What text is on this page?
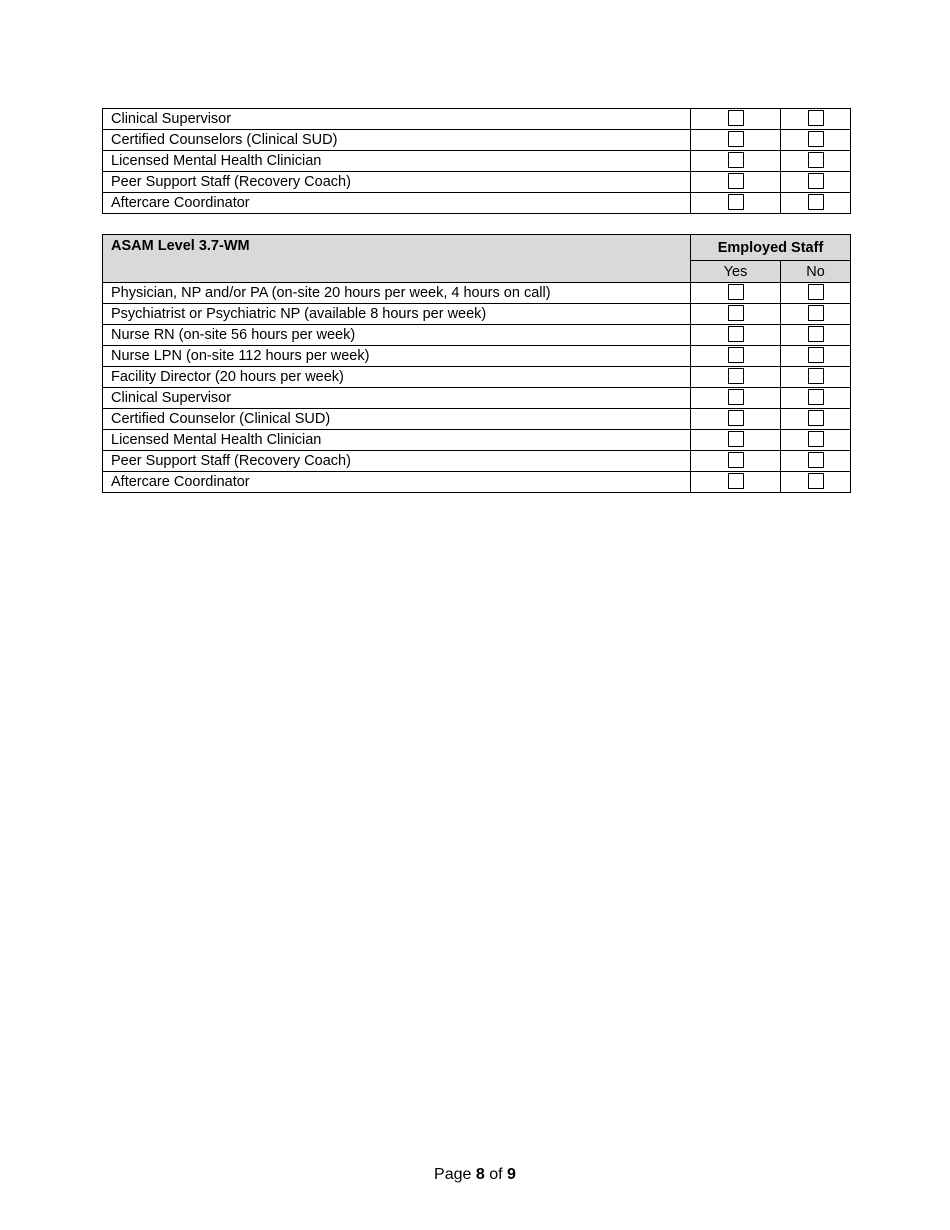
Clinical Supervisor		
Certified Counselors (Clinical SUD)		
Licensed Mental Health Clinician		
Peer Support Staff (Recovery Coach)		
Aftercare Coordinator		
ASAM Level 3.7-WM	Employed Staff	
	Yes	No
Physician, NP and/or PA (on-site 20 hours per week, 4 hours on call)		
Psychiatrist or Psychiatric NP (available 8 hours per week)		
Nurse RN (on-site 56 hours per week)		
Nurse LPN (on-site 112 hours per week)		
Facility Director (20 hours per week)		
Clinical Supervisor		
Certified Counselor (Clinical SUD)		
Licensed Mental Health Clinician		
Peer Support Staff (Recovery Coach)		
Aftercare Coordinator		
Page 8 of 9
